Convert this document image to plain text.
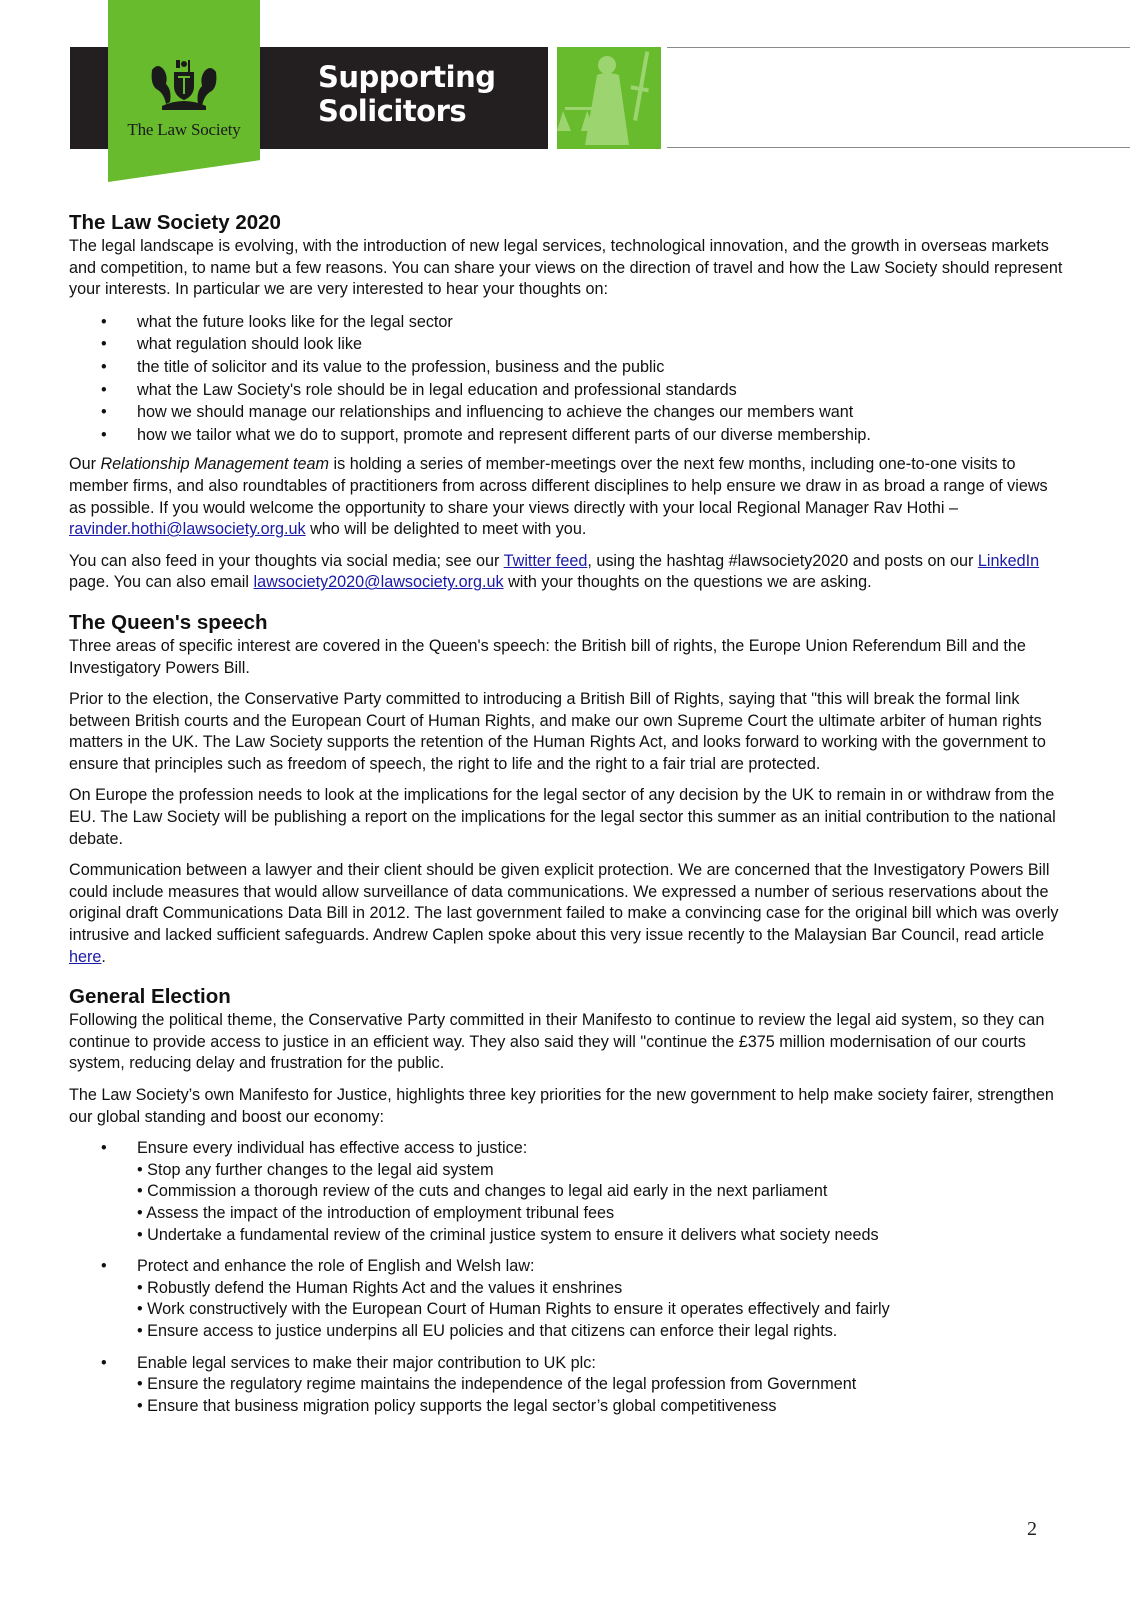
The Law Society
Supporting
Solicitors
The Law Society 2020

The legal landscape is evolving, with the introduction of new legal services, technological innovation, and the growth in overseas markets and competition, to name but a few reasons. You can share your views on the direction of travel and how the Law Society should represent your interests. In particular we are very interested to hear your thoughts on:

• what the future looks like for the legal sector
• what regulation should look like
• the title of solicitor and its value to the profession, business and the public
• what the Law Society's role should be in legal education and professional standards
• how we should manage our relationships and influencing to achieve the changes our members want
• how we tailor what we do to support, promote and represent different parts of our diverse membership.

Our Relationship Management team is holding a series of member-meetings over the next few months, including one-to-one visits to member firms, and also roundtables of practitioners from across different disciplines to help ensure we draw in as broad a range of views as possible. If you would welcome the opportunity to share your views directly with your local Regional Manager Rav Hothi – ravinder.hothi@lawsociety.org.uk who will be delighted to meet with you.

You can also feed in your thoughts via social media; see our Twitter feed, using the hashtag #lawsociety2020 and posts on our LinkedIn page. You can also email lawsociety2020@lawsociety.org.uk with your thoughts on the questions we are asking.

The Queen's speech

Three areas of specific interest are covered in the Queen's speech: the British bill of rights, the Europe Union Referendum Bill and the Investigatory Powers Bill.

Prior to the election, the Conservative Party committed to introducing a British Bill of Rights, saying that "this will break the formal link between British courts and the European Court of Human Rights, and make our own Supreme Court the ultimate arbiter of human rights matters in the UK. The Law Society supports the retention of the Human Rights Act, and looks forward to working with the government to ensure that principles such as freedom of speech, the right to life and the right to a fair trial are protected.

On Europe the profession needs to look at the implications for the legal sector of any decision by the UK to remain in or withdraw from the EU. The Law Society will be publishing a report on the implications for the legal sector this summer as an initial contribution to the national debate.

Communication between a lawyer and their client should be given explicit protection. We are concerned that the Investigatory Powers Bill could include measures that would allow surveillance of data communications. We expressed a number of serious reservations about the original draft Communications Data Bill in 2012. The last government failed to make a convincing case for the original bill which was overly intrusive and lacked sufficient safeguards. Andrew Caplen spoke about this very issue recently to the Malaysian Bar Council, read article here.

General Election

Following the political theme, the Conservative Party committed in their Manifesto to continue to review the legal aid system, so they can continue to provide access to justice in an efficient way. They also said they will "continue the £375 million modernisation of our courts system, reducing delay and frustration for the public.

The Law Society’s own Manifesto for Justice, highlights three key priorities for the new government to help make society fairer, strengthen our global standing and boost our economy:

• Ensure every individual has effective access to justice:
• Stop any further changes to the legal aid system
• Commission a thorough review of the cuts and changes to legal aid early in the next parliament
• Assess the impact of the introduction of employment tribunal fees
• Undertake a fundamental review of the criminal justice system to ensure it delivers what society needs
• Protect and enhance the role of English and Welsh law:
• Robustly defend the Human Rights Act and the values it enshrines
• Work constructively with the European Court of Human Rights to ensure it operates effectively and fairly
• Ensure access to justice underpins all EU policies and that citizens can enforce their legal rights.
• Enable legal services to make their major contribution to UK plc:
• Ensure the regulatory regime maintains the independence of the legal profession from Government
• Ensure that business migration policy supports the legal sector’s global competitiveness
2
